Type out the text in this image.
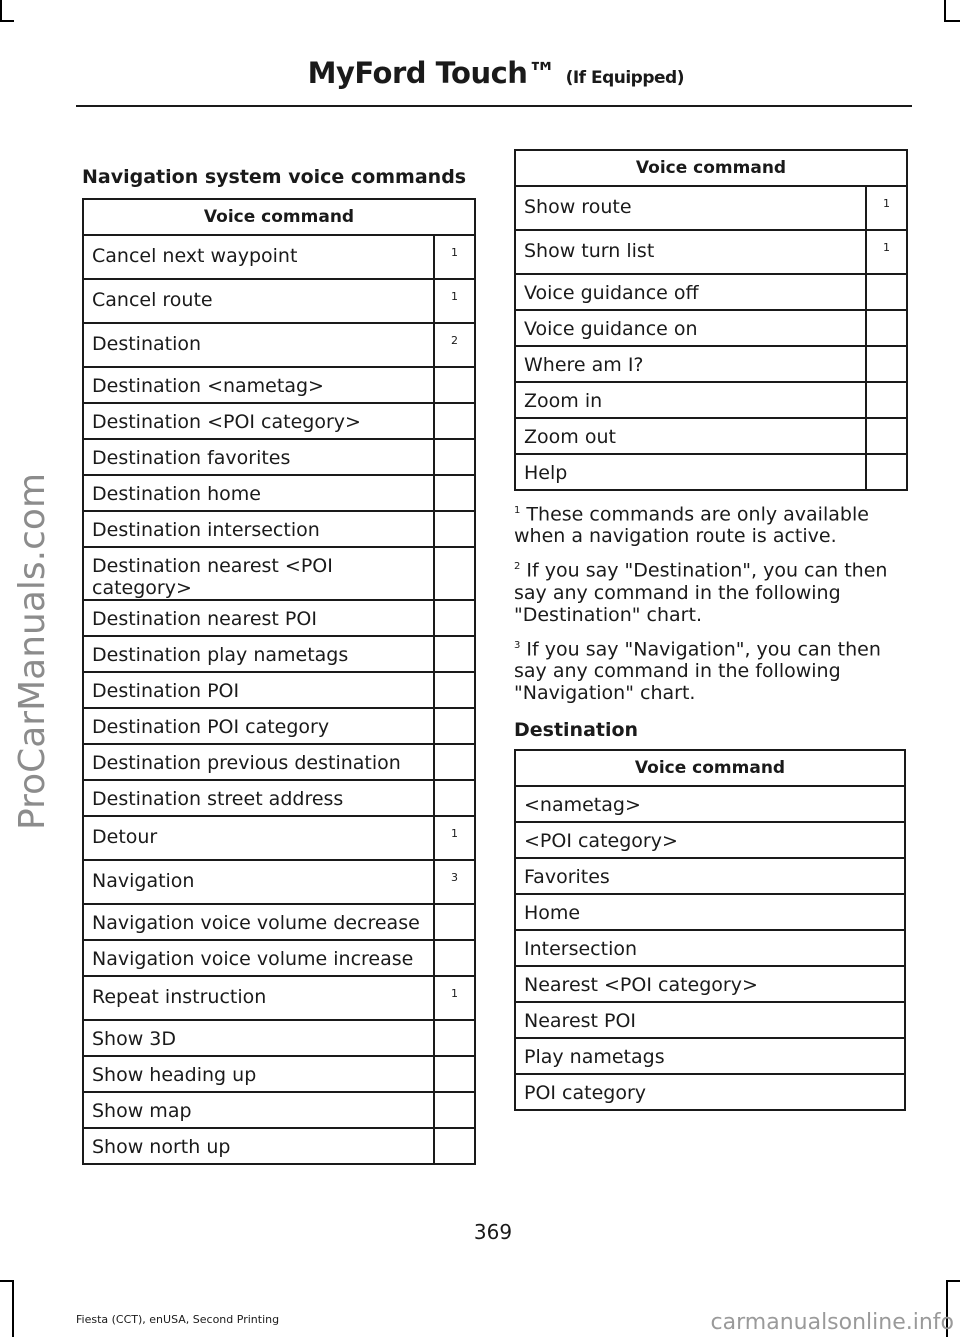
MyFord Touch™ (If Equipped)
ProCarManuals.com
Navigation system voice commands
Voice command	
Cancel next waypoint	1
Cancel route	1
Destination	2
Destination <nametag>	
Destination <POI category>	
Destination favorites	
Destination home	
Destination intersection	
Destination nearest <POI category>	
Destination nearest POI	
Destination play nametags	
Destination POI	
Destination POI category	
Destination previous destination	
Destination street address	
Detour	1
Navigation	3
Navigation voice volume decrease	
Navigation voice volume increase	
Repeat instruction	1
Show 3D	
Show heading up	
Show map	
Show north up	
Voice command	
Show route	1
Show turn list	1
Voice guidance off	
Voice guidance on	
Where am I?	
Zoom in	
Zoom out	
Help	

$^1$ These commands are only available when a navigation route is active.

$^2$ If you say "Destination", you can then say any command in the following "Destination" chart.

$^3$ If you say "Navigation", you can then say any command in the following "Navigation" chart.

Destination
Voice command
<nametag>
<POI category>
Favorites
Home
Intersection
Nearest <POI category>
Nearest POI
Play nametags
POI category
369
Fiesta (CCT), enUSA, Second Printing	carmanualsonline.info
